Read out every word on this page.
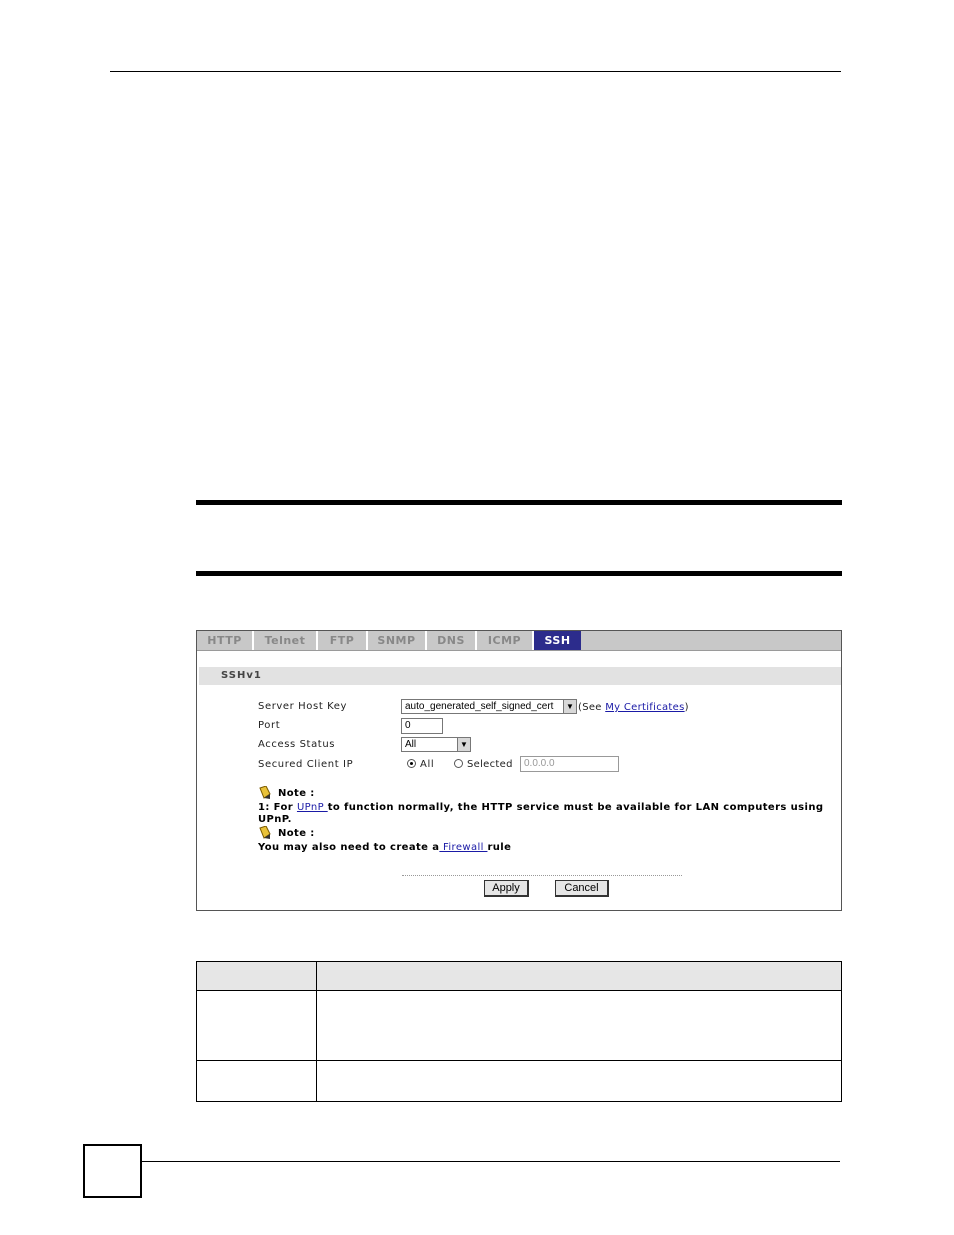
HTTP	Telnet	FTP	SNMP	DNS	ICMP	SSH
SSHv1
Server Host Key	auto_generated_self_signed_cert	▼ (See My Certificates)
Port	0
Access Status	All	▼
Secured Client IP	All	Selected	0.0.0.0
Note :
1: For UPnP to function normally, the HTTP service must be available for LAN computers using
UPnP.
Note :
You may also need to create a Firewall rule
Apply	Cancel
